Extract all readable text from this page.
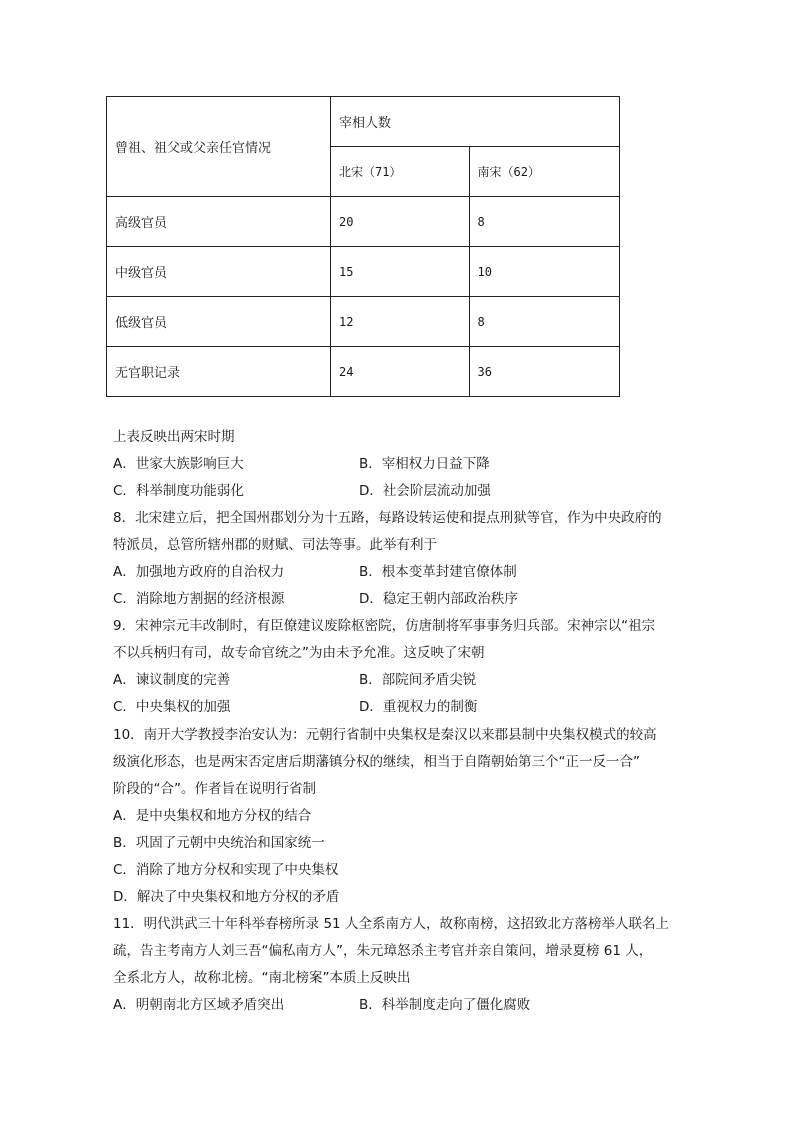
曾祖、祖父或父亲任官情况	宰相人数	
	北宋（71）	南宋（62）
高级官员	20	8
中级官员	15	10
低级官员	12	8
无官职记录	24	36
上表反映出两宋时期
A．世家大族影响巨大	B．宰相权力日益下降
C．科举制度功能弱化	D．社会阶层流动加强
8．北宋建立后，把全国州郡划分为十五路，每路设转运使和提点刑狱等官，作为中央政府的
特派员，总管所辖州郡的财赋、司法等事。此举有利于
A．加强地方政府的自治权力	B．根本变革封建官僚体制
C．消除地方割据的经济根源	D．稳定王朝内部政治秩序
9．宋神宗元丰改制时，有臣僚建议废除枢密院，仿唐制将军事事务归兵部。宋神宗以“祖宗
不以兵柄归有司，故专命官统之”为由未予允准。这反映了宋朝
A．谏议制度的完善	B．部院间矛盾尖锐
C．中央集权的加强	D．重视权力的制衡
10．南开大学教授李治安认为：元朝行省制中央集权是秦汉以来郡县制中央集权模式的较高
级演化形态，也是两宋否定唐后期藩镇分权的继续，相当于自隋朝始第三个“正一反一合”
阶段的“合”。作者旨在说明行省制
A．是中央集权和地方分权的结合
B．巩固了元朝中央统治和国家统一
C．消除了地方分权和实现了中央集权
D．解决了中央集权和地方分权的矛盾
11．明代洪武三十年科举春榜所录 51 人全系南方人，故称南榜，这招致北方落榜举人联名上
疏，告主考南方人刘三吾“偏私南方人”，朱元璋怒杀主考官并亲自策问，增录夏榜 61 人，
全系北方人，故称北榜。“南北榜案”本质上反映出
A．明朝南北方区域矛盾突出	B．科举制度走向了僵化腐败
